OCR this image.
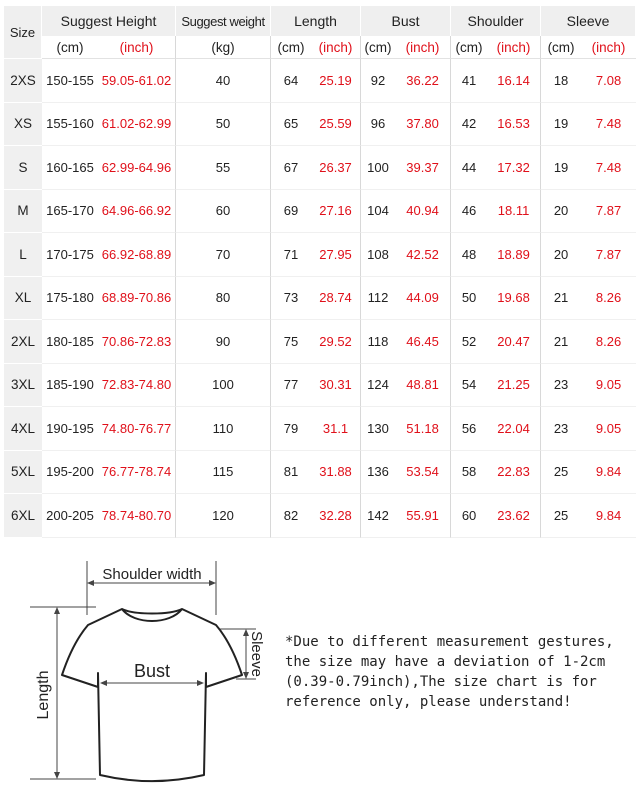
Size	Suggest Height		Suggest weight	Length		Bust		Shoulder		Sleeve	
	(cm)	(inch)	(kg)	(cm)	(inch)	(cm)	(inch)	(cm)	(inch)	(cm)	(inch)
2XS	150-155	59.05-61.02	40	64	25.19	92	36.22	41	16.14	18	7.08
XS	155-160	61.02-62.99	50	65	25.59	96	37.80	42	16.53	19	7.48
S	160-165	62.99-64.96	55	67	26.37	100	39.37	44	17.32	19	7.48
M	165-170	64.96-66.92	60	69	27.16	104	40.94	46	18.11	20	7.87
L	170-175	66.92-68.89	70	71	27.95	108	42.52	48	18.89	20	7.87
XL	175-180	68.89-70.86	80	73	28.74	112	44.09	50	19.68	21	8.26
2XL	180-185	70.86-72.83	90	75	29.52	118	46.45	52	20.47	21	8.26
3XL	185-190	72.83-74.80	100	77	30.31	124	48.81	54	21.25	23	9.05
4XL	190-195	74.80-76.77	110	79	31.1	130	51.18	56	22.04	23	9.05
5XL	195-200	76.77-78.74	115	81	31.88	136	53.54	58	22.83	25	9.84
6XL	200-205	78.74-80.70	120	82	32.28	142	55.91	60	23.62	25	9.84
Shoulder width
Length	Bust	Sleeve *Due to different measurement gestures,
the size may have a deviation of 1-2cm
(0.39-0.79inch),The size chart is for
reference only, please understand!
